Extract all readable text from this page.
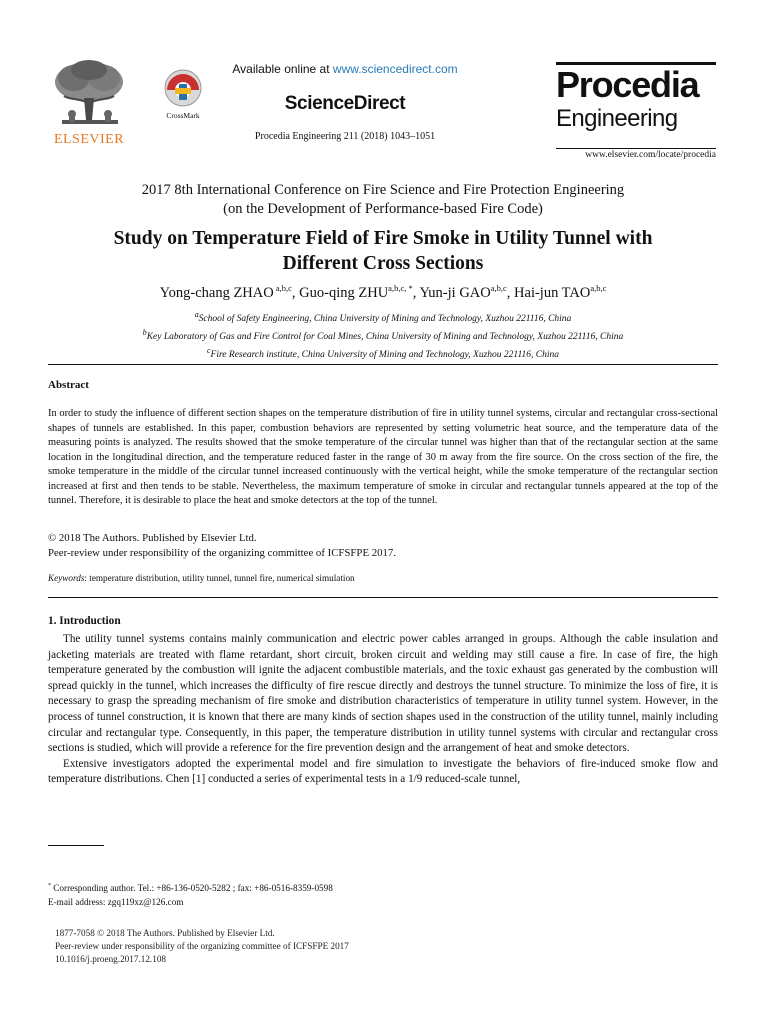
ELSEVIER
CrossMark
Available online at www.sciencedirect.com
ScienceDirect
Procedia Engineering 211 (2018) 1043–1051
Procedia
Engineering
www.elsevier.com/locate/procedia
2017 8th International Conference on Fire Science and Fire Protection Engineering
(on the Development of Performance-based Fire Code)
Study on Temperature Field of Fire Smoke in Utility Tunnel with
Different Cross Sections
Yong-chang ZHAO $^{a,b,c}$, Guo-qing $ZHU^{a,b,c, *}$, Yun-ji GAO$^{a,b,c}$, Hai-jun TAO$^{a,b,c}$
$^a$School of Safety Engineering, China University of Mining and Technology, Xuzhou 221116, China
$^b$Key Laboratory of Gas and Fire Control for Coal Mines, China University of Mining and Technology, Xuzhou 221116, China
$^c$Fire Research institute, China University of Mining and Technology, Xuzhou 221116, China
Abstract
In order to study the influence of different section shapes on the temperature distribution of fire in utility tunnel systems, circular and rectangular cross-sectional shapes of tunnels are established. In this paper, combustion behaviors are represented by setting volumetric heat source, and the temperature data of the measuring points is analyzed. The results showed that the smoke temperature of the circular tunnel was higher than that of the rectangular section at the same location in the longitudinal direction, and the temperature reduced faster in the range of 30 m away from the fire source. On the cross section of the fire, the smoke temperature in the middle of the circular tunnel increased continuously with the vertical height, while the smoke temperature of the rectangular section increased at first and then tends to be stable. Nevertheless, the maximum temperature of smoke in circular and rectangular tunnels appeared at the top of the tunnel. Therefore, it is desirable to place the heat and smoke detectors at the top of the tunnel.
© 2018 The Authors. Published by Elsevier Ltd.
Peer-review under responsibility of the organizing committee of ICFSFPE 2017.
Keywords: temperature distribution, utility tunnel, tunnel fire, numerical simulation
1. Introduction

The utility tunnel systems contains mainly communication and electric power cables arranged in groups. Although the cable insulation and jacketing materials are treated with flame retardant, short circuit, broken circuit and welding may still cause a fire. In case of fire, the high temperature generated by the combustion will ignite the adjacent combustible materials, and the toxic exhaust gas generated by the combustion will spread quickly in the tunnel, which increases the difficulty of fire rescue directly and destroys the tunnel structure. To minimize the loss of fire, it is necessary to grasp the spreading mechanism of fire smoke and distribution characteristics of temperature in utility tunnel system. However, in the process of tunnel construction, it is known that there are many kinds of section shapes used in the construction of the utility tunnel, mainly including circular and rectangular type. Consequently, in this paper, the temperature distribution in utility tunnel systems with circular and rectangular cross sections is studied, which will provide a reference for the fire prevention design and the arrangement of heat and smoke detectors.

Extensive investigators adopted the experimental model and fire simulation to investigate the behaviors of fire-induced smoke flow and temperature distributions. Chen [1] conducted a series of experimental tests in a 1/9 reduced-scale tunnel,

* Corresponding author. Tel.: +86-136-0520-5282 ; fax: +86-0516-8359-0598
E-mail address: zgq119xz@126.com
1877-7058 © 2018 The Authors. Published by Elsevier Ltd.
Peer-review under responsibility of the organizing committee of ICFSFPE 2017
10.1016/j.proeng.2017.12.108
